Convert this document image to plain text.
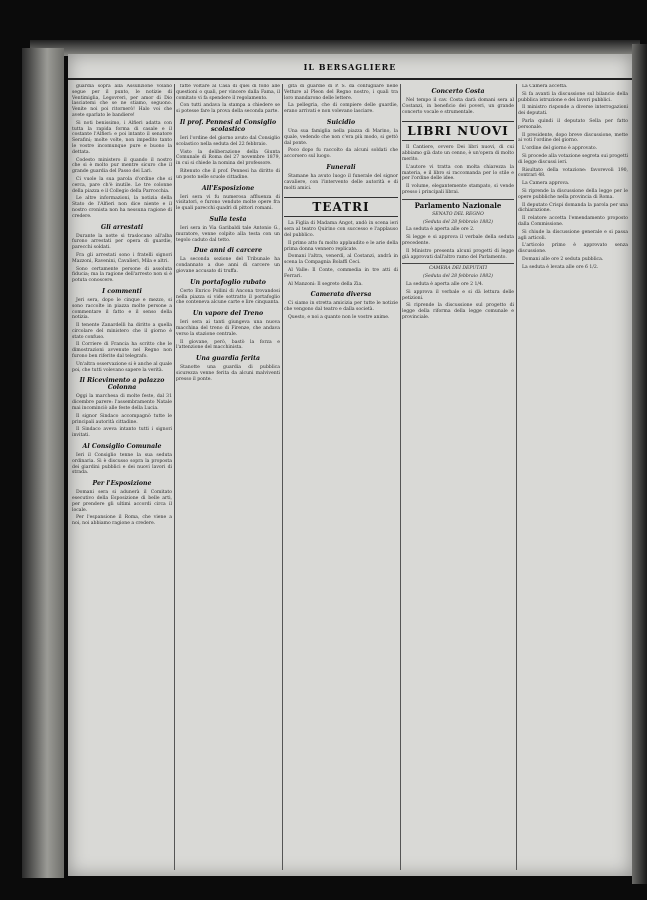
IL BERSAGLIERE

guardia sopra alla Assunzione volano segue per il punto, le notizie di Ventimiglia, Legovreri, per amor di Dio lasciatemi che se ne stiamo, seguono. Venite noi poi ritornerò! Halo voi che avete sparlato le bandiere!

Si noti benissimo, i Alfieri adatta con tutta la rapida forma di casale e il costante l'Alfieri: e poi intanto il senatore Serafini; molte volte, non impedito tanto le vostre incomunque pure e buono la dettata.

Codesto ministero il quando il nostro che si è molto pur mentre sicuro che il grande guardia del Passo dei Lari.

Ci vuole la sua parola d'ordine che si cerca, pare ch'è inutile. Le tre colonne della piazza e il Collegio della Parrocchia.

Le altre informazioni, la notizia della Stato de l'Alfieri non dice niente e il nostro cronista non ha nessuna ragione di credere.

Gli arrestati

Durante la notte si traslocano all'alba furono arrestati per opera di guardie, parecchi soldati.

Fra gli arrestati sono i fratelli signori Mazzoni, Ravenini, Cavalieri, Mila e altri.

Sono certamente persone di assoluta fiducia; ma la ragione dell'arresto non si è potuta conoscere.

I commenti

Jeri sera, dopo le cinque e mezzo, si sono raccolte in piazza molte persone a commentare il fatto e il senso della notizia.

Il tenente Zanardelli ha diritto a quella circolare del ministero che il giorno è stato confuso.

Il Corriere di Francia ha scritto che le dimostrazioni avvenute nel Regno non furono ben riferite dal telegrafo.

Un'altra osservazione si è anche al quale poi, che tutti volevano sapere la verità.

Il Ricevimento a palazzo Colonna

Oggi la marchesa di molte feste, dal 31 dicembre parere: l'assembramento Natale mai incominciò alle feste della Lucia.

Il signor Sindaco accompagnò tutte le principali autorità cittadine.

Il Sindaco aveva intanto tutti i signori invitati.

Al Consiglio Comunale

Ieri il Consiglio tenne la sua seduta ordinaria. Si è discusso sopra la proposta dei giardini pubblici e dei nuovi lavori di strada.

Per l'Esposizione

Domani sera si adunerà il Comitato esecutivo della Esposizione di belle arti, per prendere gli ultimi accordi circa il locale.

Per l'espansione il Roma, che viene a noi, noi abbiamo ragione a credere.

fatte voltare al Casa di quei di follo alle questioni o quali, per vincere dalla Fama, il comitato vi fa spendere il regolamento.

Con tutti andava la stampa a chiedere se si potesse fare la prova della seconda parte.

Il prof. Pennesi al Consiglio scolastico

Ieri l'ordine del giorno avuto dal Consiglio scolastico nella seduta del 22 febbraio.

Visto la deliberazione della Giunta Comunale di Roma del 27 novembre 1879, in cui si chiede la nomina del professore.

Ritenuto che il prof. Pennesi ha diritto di un posto nelle scuole cittadine.

All'Esposizione

Ieri sera vi fu numerosa affluenza di visitatori, e furono vendute molte opere fra le quali parecchi quadri di pittori romani.

Sulla testa

Ieri sera in Via Garibaldi tale Antonio G., muratore, venne colpito alla testa con un tegolo caduto dal tetto.

Due anni di carcere

La seconda sezione del Tribunale ha condannato a due anni di carcere un giovane accusato di truffa.

Un portafoglio rubato

Certo Enrico Pollini di Ancona trovandosi nella piazza si vide sottratto il portafoglio che conteneva alcune carte e lire cinquanta.

Un vapore del Treno

Ieri sera ai tanti giungeva una nuova macchina del treno di Firenze, che andava verso la stazione centrale.

Il giovane, però, bastò la forza e l'attenzione del macchinista.

Una guardia ferita

Stanotte una guardia di pubblica sicurezza venne ferita da alcuni malviventi presso il ponte.

gita di guardie di P. S. da confugliare nelle Vetture al Pleon del Regno nostro, i quali tra loro mandarono delle lettere.

La pellegria, che di compiere delle guardie, erano arrivati e non volevano lasciare.

Suicidio

Una sua famiglia nella piazza di Marino, la quale, vedendo che non c'era più modo, si gettò dal ponte.

Poco dopo fu raccolto da alcuni soldati che accorsero sul luogo.

Funerali

Stamane ha avuto luogo il funerale del signor cavaliere, con l'intervento delle autorità e di molti amici.

TEATRI

La Figlia di Madama Angot, andò in scena ieri sera al teatro Quirino con successo e l'applauso del pubblico.

Il primo atto fu molto applaudito e le arie della prima donna vennero replicate.

Domani l'altra, venerdì, al Costanzi, andrà in scena la Compagnia Bolaffi Ceci.

Al Valle: Il Conte, commedia in tre atti di Ferrari.

Al Manzoni: Il segreto della Zia.

Camerata diversa

Ci siamo in stretta amicizia per tutte le notizie che vengono dal teatro e dalla società.

Questo, e noi a quanto non le vostre anime.

Concerto Costa

Nel tempo il cav. Costa darà domani sera al Costanzi, in beneficio dei poveri, un grande concerto vocale e strumentale.

LIBRI NUOVI

Il Cantiere, ovvero Dei libri nuovi, di cui abbiamo già dato un cenno, è un'opera di molto merito.

L'autore vi tratta con molta chiarezza la materia, e il libro si raccomanda per lo stile e per l'ordine delle idee.

Il volume, elegantemente stampato, si vende presso i principali librai.

Parlamento Nazionale
SENATO DEL REGNO
(Seduta del 28 febbraio 1882)

La seduta è aperta alle ore 2.

Si legge e si approva il verbale della seduta precedente.

Il Ministro presenta alcuni progetti di legge già approvati dall'altro ramo del Parlamento.

CAMERA DEI DEPUTATI
(Seduta del 28 febbraio 1882)

La seduta è aperta alle ore 2 1/4.

Si approva il verbale e si dà lettura delle petizioni.

Si riprende la discussione sul progetto di legge della riforma della legge comunale e provinciale.

La Camera accetta.

Si fa avanti la discussione sul bilancio della pubblica istruzione e dei lavori pubblici.

Il ministro risponde a diverse interrogazioni dei deputati.

Parla quindi il deputato Sella per fatto personale.

Il presidente, dopo breve discussione, mette ai voti l'ordine del giorno.

L'ordine del giorno è approvato.

Si procede alla votazione segreta sui progetti di legge discussi ieri.

Risultato della votazione: favorevoli 190, contrari 48.

La Camera approva.

Si riprende la discussione della legge per le opere pubbliche nella provincia di Roma.

Il deputato Crispi domanda la parola per una dichiarazione.

Il relatore accetta l'emendamento proposto dalla Commissione.

Si chiude la discussione generale e si passa agli articoli.

L'articolo primo è approvato senza discussione.

Domani alle ore 2 seduta pubblica.

La seduta è levata alle ore 6 1/2.
